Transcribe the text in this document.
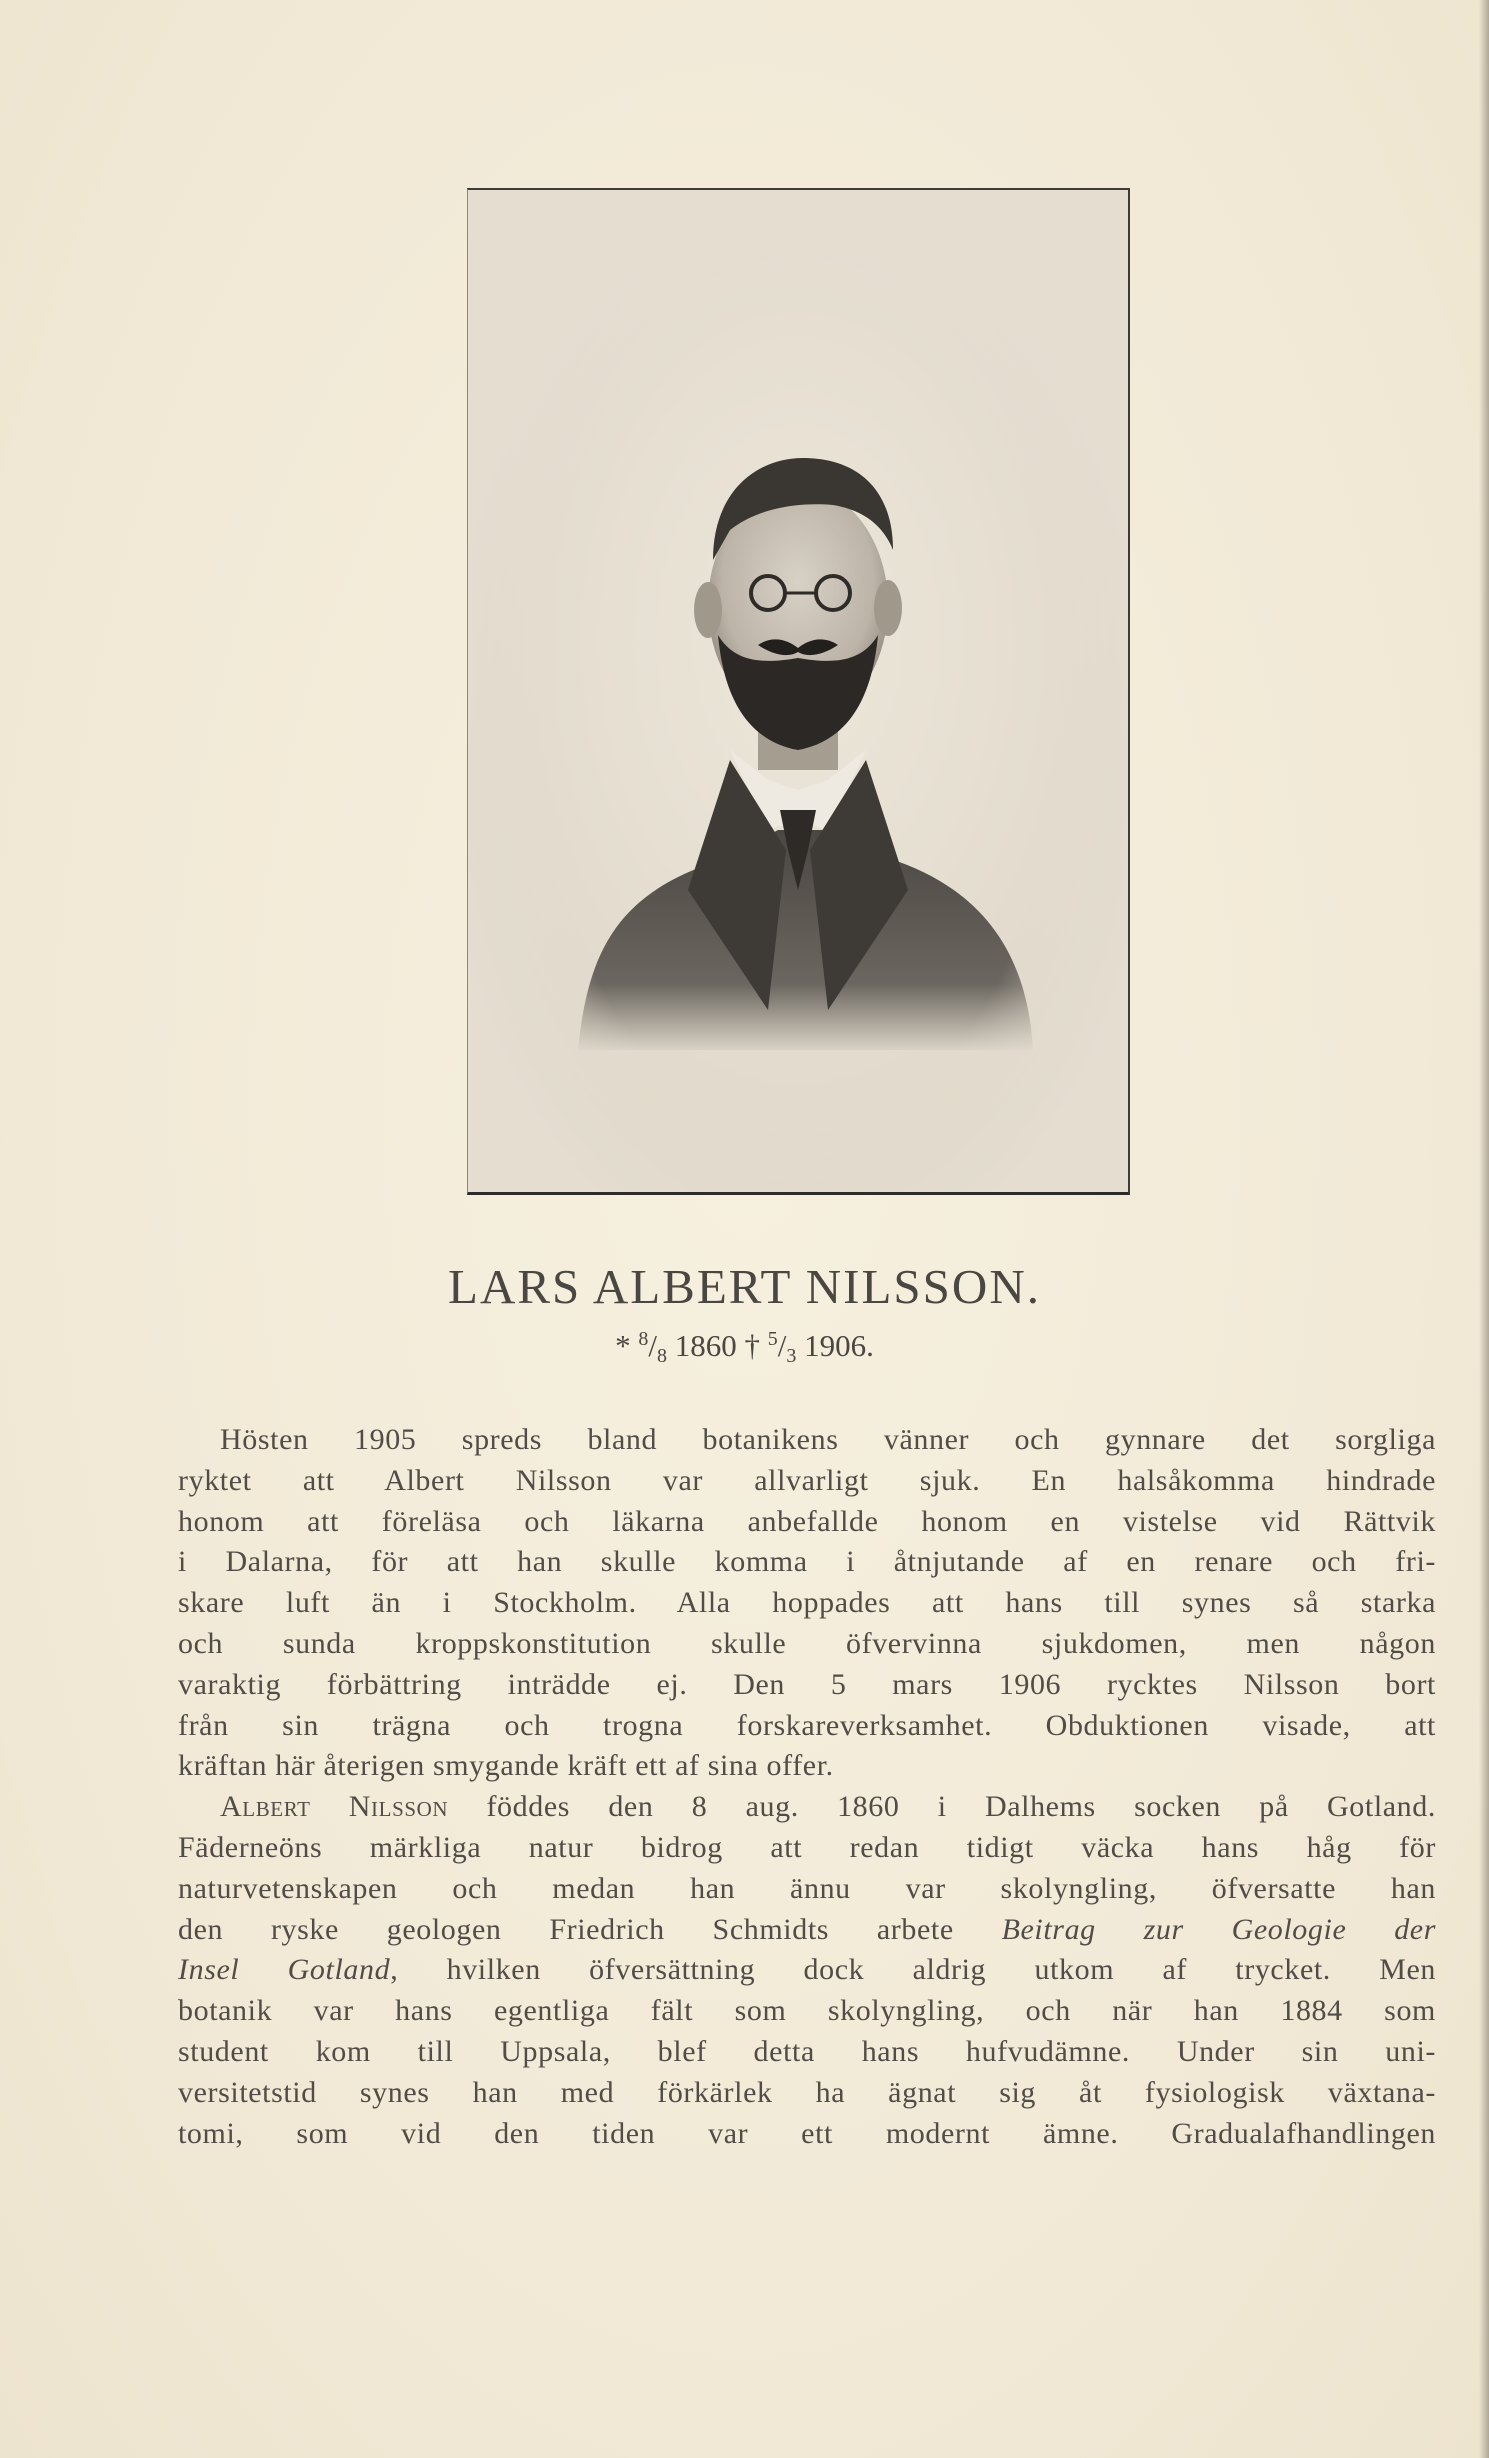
LARS ALBERT NILSSON.
* $^8/_8$ 1860 † $^5/_3$ 1906.
Hösten 1905 spreds bland botanikens vänner och gynnare det sorgliga
ryktet att Albert Nilsson var allvarligt sjuk. En halsåkomma hindrade
honom att föreläsa och läkarna anbefallde honom en vistelse vid Rättvik
i Dalarna, för att han skulle komma i åtnjutande af en renare och fri-
skare luft än i Stockholm. Alla hoppades att hans till synes så starka
och sunda kroppskonstitution skulle öfvervinna sjukdomen, men någon
varaktig förbättring inträdde ej. Den 5 mars 1906 rycktes Nilsson bort
från sin trägna och trogna forskareverksamhet. Obduktionen visade, att
kräftan här återigen smygande kräft ett af sina offer.
Albert Nilsson föddes den 8 aug. 1860 i Dalhems socken på Gotland.
Fäderneöns märkliga natur bidrog att redan tidigt väcka hans håg för
naturvetenskapen och medan han ännu var skolyngling, öfversatte han
den ryske geologen Friedrich Schmidts arbete Beitrag zur Geologie der
Insel Gotland, hvilken öfversättning dock aldrig utkom af trycket. Men
botanik var hans egentliga fält som skolyngling, och när han 1884 som
student kom till Uppsala, blef detta hans hufvudämne. Under sin uni-
versitetstid synes han med förkärlek ha ägnat sig åt fysiologisk växtana-
tomi, som vid den tiden var ett modernt ämne. Gradualafhandlingen
